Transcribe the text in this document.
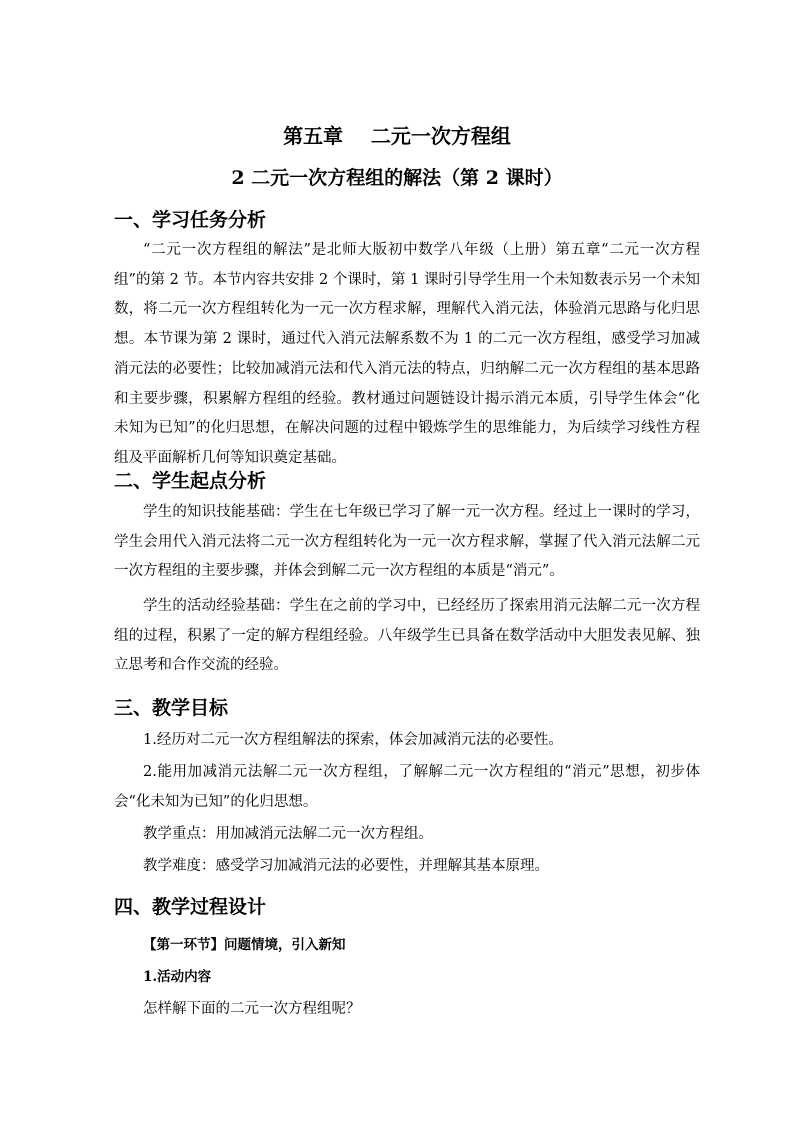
第五章    二元一次方程组
2 二元一次方程组的解法（第 2 课时）
一、学习任务分析

“二元一次方程组的解法”是北师大版初中数学八年级（上册）第五章“二元一次方程组”的第 2 节。本节内容共安排 2 个课时，第 1 课时引导学生用一个未知数表示另一个未知数，将二元一次方程组转化为一元一次方程求解，理解代入消元法，体验消元思路与化归思想。本节课为第 2 课时，通过代入消元法解系数不为 1 的二元一次方程组，感受学习加减消元法的必要性；比较加减消元法和代入消元法的特点，归纳解二元一次方程组的基本思路和主要步骤，积累解方程组的经验。教材通过问题链设计揭示消元本质，引导学生体会“化未知为已知”的化归思想，在解决问题的过程中锻炼学生的思维能力，为后续学习线性方程组及平面解析几何等知识奠定基础。

二、学生起点分析

学生的知识技能基础：学生在七年级已学习了解一元一次方程。经过上一课时的学习，学生会用代入消元法将二元一次方程组转化为一元一次方程求解，掌握了代入消元法解二元一次方程组的主要步骤，并体会到解二元一次方程组的本质是“消元”。

学生的活动经验基础：学生在之前的学习中，已经经历了探索用消元法解二元一次方程组的过程，积累了一定的解方程组经验。八年级学生已具备在数学活动中大胆发表见解、独立思考和合作交流的经验。

三、教学目标

1.经历对二元一次方程组解法的探索，体会加减消元法的必要性。

2.能用加减消元法解二元一次方程组，了解解二元一次方程组的“消元”思想，初步体会“化未知为已知”的化归思想。

教学重点：用加减消元法解二元一次方程组。

教学难度：感受学习加减消元法的必要性，并理解其基本原理。

四、教学过程设计
【第一环节】问题情境，引入新知
1.活动内容
怎样解下面的二元一次方程组呢？
